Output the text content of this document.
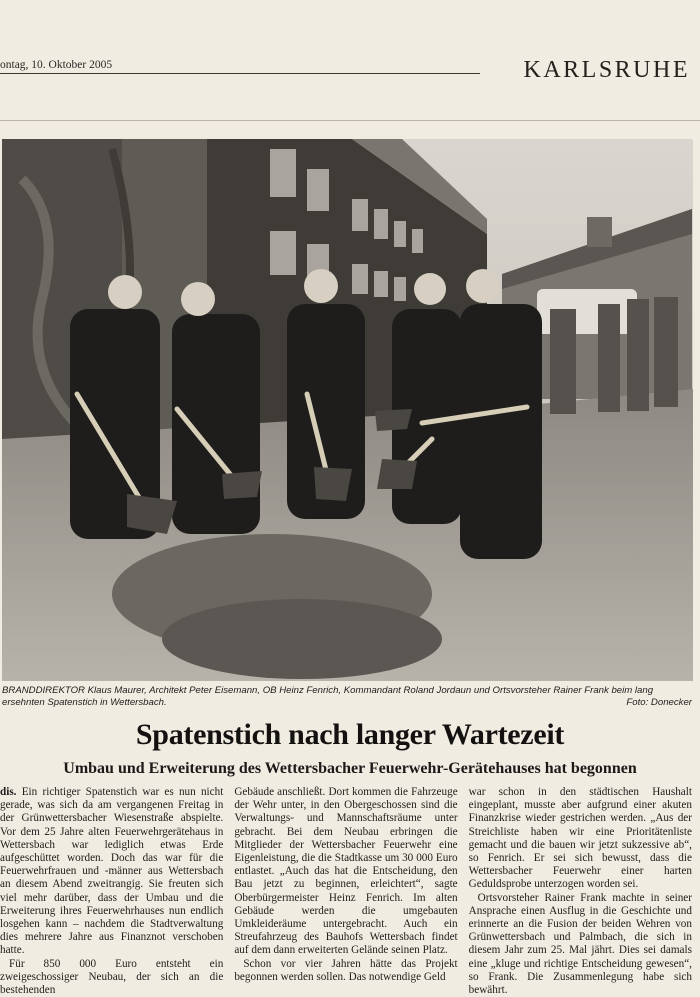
ontag, 10. Oktober 2005	KARLSRUHE
BRANDDIREKTOR Klaus Maurer, Architekt Peter Eisemann, OB Heinz Fenrich, Kommandant Roland Jordaun und Ortsvorsteher Rainer Frank beim lang
ersehnten Spatenstich in Wettersbach.	Foto: Donecker
Spatenstich nach langer Wartezeit
Umbau und Erweiterung des Wettersbacher Feuerwehr-Gerätehauses hat begonnen

dis. Ein richtiger Spatenstich war es nun nicht gerade, was sich da am vergangenen Freitag in der Grünwettersbacher Wiesenstraße abspielte. Vor dem 25 Jahre alten Feuerwehrgerätehaus in Wettersbach war lediglich etwas Erde aufgeschüttet worden. Doch das war für die Feuerwehrfrauen und -männer aus Wettersbach an diesem Abend zweitrangig. Sie freuten sich viel mehr darüber, dass der Umbau und die Erweiterung ihres Feuerwehrhauses nun endlich losgehen kann – nachdem die Stadtverwaltung dies mehrere Jahre aus Finanznot verschoben hatte.

Für 850 000 Euro entsteht ein zweigeschossiger Neubau, der sich an die bestehenden

Gebäude anschließt. Dort kommen die Fahrzeuge der Wehr unter, in den Obergeschossen sind die Verwaltungs- und Mannschaftsräume unter gebracht. Bei dem Neubau erbringen die Mitglieder der Wettersbacher Feuerwehr eine Eigenleistung, die die Stadtkasse um 30 000 Euro entlastet. „Auch das hat die Entscheidung, den Bau jetzt zu beginnen, erleichtert“, sagte Oberbürgermeister Heinz Fenrich. Im alten Gebäude werden die umgebauten Umkleideräume untergebracht. Auch ein Streufahrzeug des Bauhofs Wettersbach findet auf dem dann erweiterten Gelände seinen Platz.

Schon vor vier Jahren hätte das Projekt begonnen werden sollen. Das notwendige Geld

war schon in den städtischen Haushalt eingeplant, musste aber aufgrund einer akuten Finanzkrise wieder gestrichen werden. „Aus der Streichliste haben wir eine Prioritätenliste gemacht und die bauen wir jetzt sukzessive ab“, so Fenrich. Er sei sich bewusst, dass die Wettersbacher Feuerwehr einer harten Geduldsprobe unterzogen worden sei.

Ortsvorsteher Rainer Frank machte in seiner Ansprache einen Ausflug in die Geschichte und erinnerte an die Fusion der beiden Wehren von Grünwettersbach und Palmbach, die sich in diesem Jahr zum 25. Mal jährt. Dies sei damals eine „kluge und richtige Entscheidung gewesen“, so Frank. Die Zusammenlegung habe sich bewährt.
